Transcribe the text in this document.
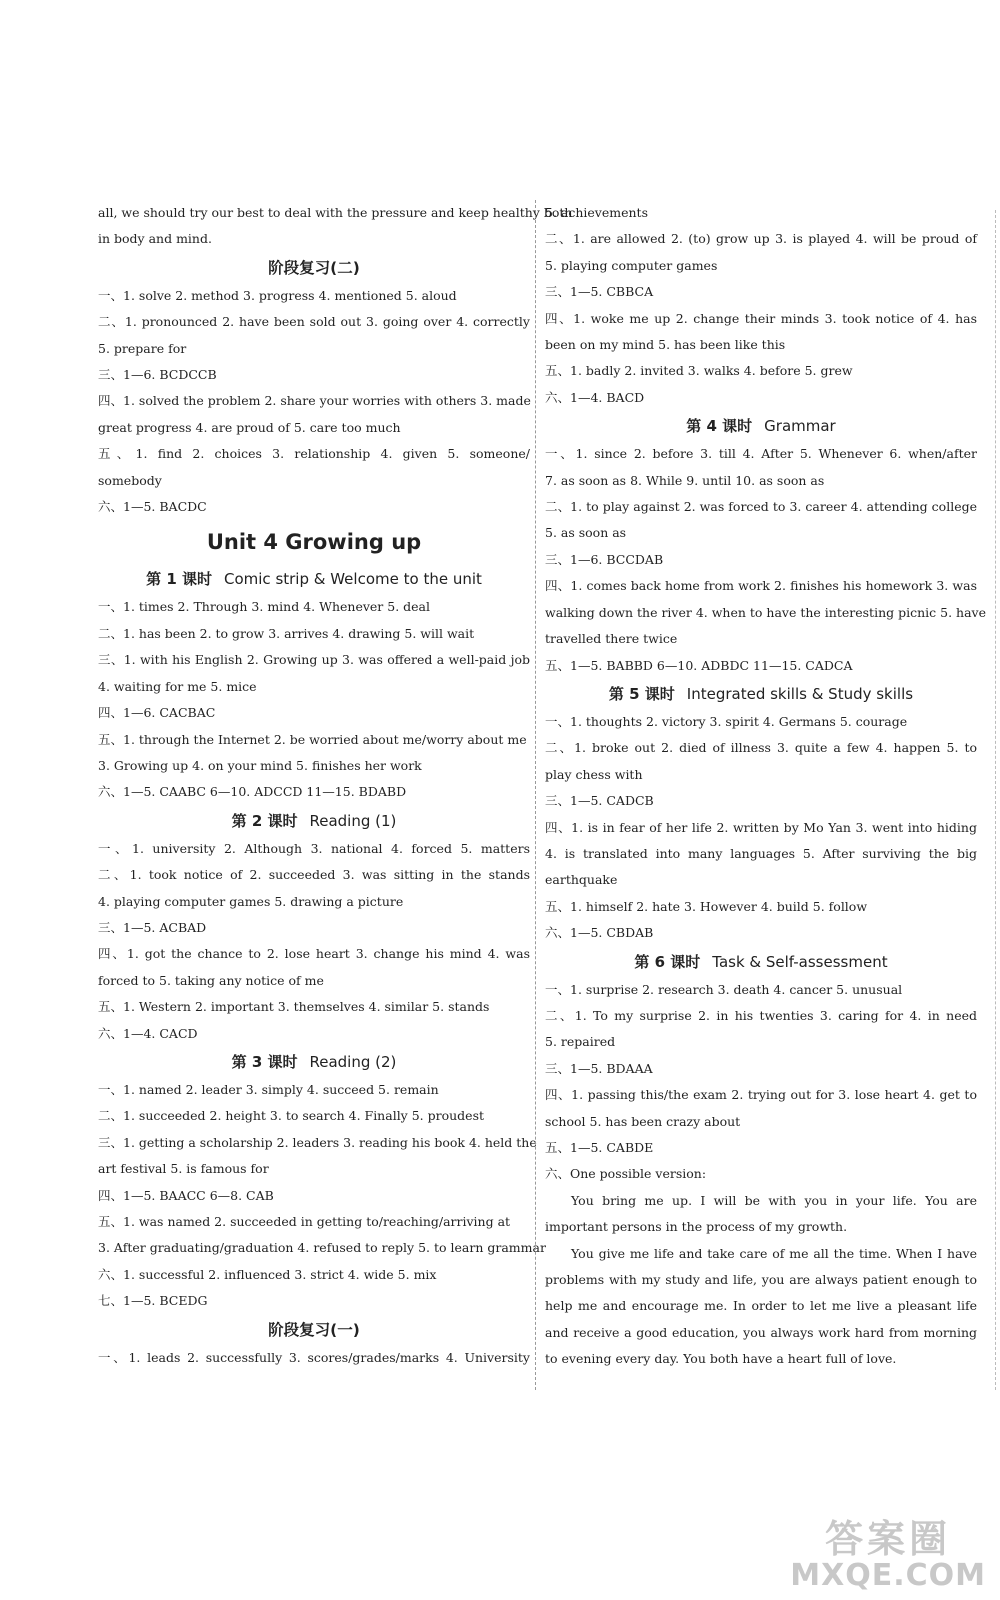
all, we should try our best to deal with the pressure and keep healthy both
in body and mind.
阶段复习(二)
一、1. solve 2. method 3. progress 4. mentioned 5. aloud
二、1. pronounced 2. have been sold out 3. going over 4. correctly
5. prepare for
三、1—6. BCDCCB
四、1. solved the problem 2. share your worries with others 3. made
great progress 4. are proud of 5. care too much
五、1. find 2. choices 3. relationship 4. given 5. someone/
somebody
六、1—5. BACDC
Unit 4 Growing up
第 1 课时 Comic strip & Welcome to the unit
一、1. times 2. Through 3. mind 4. Whenever 5. deal
二、1. has been 2. to grow 3. arrives 4. drawing 5. will wait
三、1. with his English 2. Growing up 3. was offered a well-paid job
4. waiting for me 5. mice
四、1—6. CACBAC
五、1. through the Internet 2. be worried about me/worry about me
3. Growing up 4. on your mind 5. finishes her work
六、1—5. CAABC 6—10. ADCCD 11—15. BDABD
第 2 课时 Reading (1)
一、1. university 2. Although 3. national 4. forced 5. matters
二、1. took notice of 2. succeeded 3. was sitting in the stands
4. playing computer games 5. drawing a picture
三、1—5. ACBAD
四、1. got the chance to 2. lose heart 3. change his mind 4. was
forced to 5. taking any notice of me
五、1. Western 2. important 3. themselves 4. similar 5. stands
六、1—4. CACD
第 3 课时 Reading (2)
一、1. named 2. leader 3. simply 4. succeed 5. remain
二、1. succeeded 2. height 3. to search 4. Finally 5. proudest
三、1. getting a scholarship 2. leaders 3. reading his book 4. held the
art festival 5. is famous for
四、1—5. BAACC 6—8. CAB
五、1. was named 2. succeeded in getting to/reaching/arriving at
3. After graduating/graduation 4. refused to reply 5. to learn grammar
六、1. successful 2. influenced 3. strict 4. wide 5. mix
七、1—5. BCEDG
阶段复习(一)
一、1. leads 2. successfully 3. scores/grades/marks 4. University
5. achievements
二、1. are allowed 2. (to) grow up 3. is played 4. will be proud of
5. playing computer games
三、1—5. CBBCA
四、1. woke me up 2. change their minds 3. took notice of 4. has
been on my mind 5. has been like this
五、1. badly 2. invited 3. walks 4. before 5. grew
六、1—4. BACD
第 4 课时 Grammar
一、1. since 2. before 3. till 4. After 5. Whenever 6. when/after
7. as soon as 8. While 9. until 10. as soon as
二、1. to play against 2. was forced to 3. career 4. attending college
5. as soon as
三、1—6. BCCDAB
四、1. comes back home from work 2. finishes his homework 3. was
walking down the river 4. when to have the interesting picnic 5. have
travelled there twice
五、1—5. BABBD 6—10. ADBDC 11—15. CADCA
第 5 课时 Integrated skills & Study skills
一、1. thoughts 2. victory 3. spirit 4. Germans 5. courage
二、1. broke out 2. died of illness 3. quite a few 4. happen 5. to
play chess with
三、1—5. CADCB
四、1. is in fear of her life 2. written by Mo Yan 3. went into hiding
4. is translated into many languages 5. After surviving the big
earthquake
五、1. himself 2. hate 3. However 4. build 5. follow
六、1—5. CBDAB
第 6 课时 Task & Self-assessment
一、1. surprise 2. research 3. death 4. cancer 5. unusual
二、1. To my surprise 2. in his twenties 3. caring for 4. in need
5. repaired
三、1—5. BDAAA
四、1. passing this/the exam 2. trying out for 3. lose heart 4. get to
school 5. has been crazy about
五、1—5. CABDE
六、One possible version:
You bring me up. I will be with you in your life. You are important persons in the process of my growth.
You give me life and take care of me all the time. When I have problems with my study and life, you are always patient enough to help me and encourage me. In order to let me live a pleasant life and receive a good education, you always work hard from morning to evening every day. You both have a heart full of love.
答案圈
MXQE.COM
